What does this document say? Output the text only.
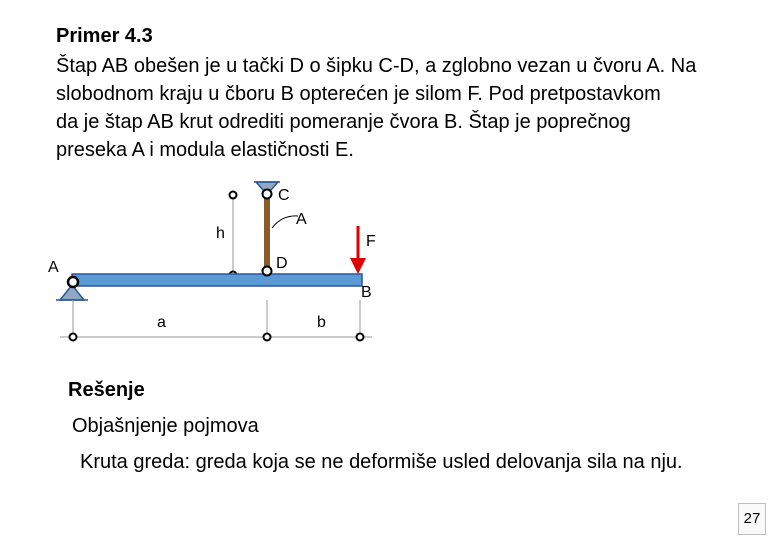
Primer 4.3
Štap AB obešen je u tački D o šipku C-D, a zglobno vezan u čvoru A. Na
slobodnom kraju u čboru B opterećen je silom F. Pod pretpostavkom
da je štap AB krut odrediti pomeranje čvora B. Štap je poprečnog
preseka A i modula elastičnosti E.
C
A
h	F
A	D
B
a	b
Rešenje
Objašnjenje pojmova
Kruta greda: greda koja se ne deformiše usled delovanja sila na nju.
27
